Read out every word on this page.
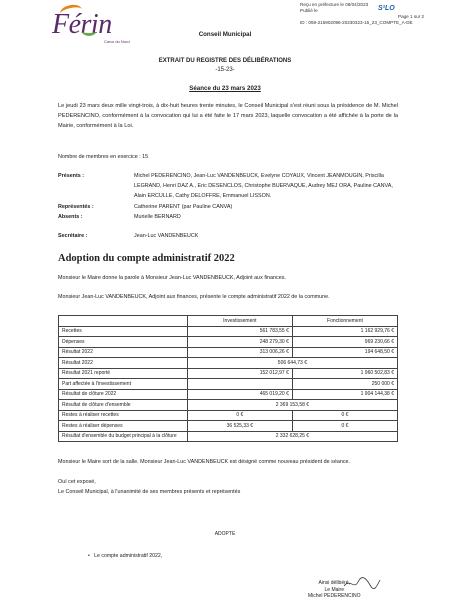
Férin
Cœur du Nord
Reçu en préfecture le 06/04/2023
Publié le
Page 1 sur 2
ID : 059-215902096-20230323-15_23_COMPTE_A-DE
S²LO
Conseil Municipal
EXTRAIT DU REGISTRE DES DÉLIBÉRATIONS
-15-23-
Séance du 23 mars 2023
Le jeudi 23 mars deux mille vingt-trois, à dix-huit heures trente minutes, le Conseil Municipal s'est réuni sous la présidence de M. Michel PEDERENCINO, conformément à la convocation qui lui a été faite le 17 mars 2023, laquelle convocation a été affichée à la porte de la Mairie, conformément à la Loi.
Nombre de membres en exercice : 15
Présents :	Michel PEDERENCINO, Jean-Luc VANDENBEUCK, Evelyne COYAUX, Vincent JEANMOUGIN, Priscilla LEGRAND, Henri DAZ A., Eric DESENCLOS, Christophe BUERVAQUE, Audrey MEJ ORA, Pauline CANVA, Alain ERCULLE, Cathy DELOFFRE, Emmanuel LISSON.
Représentés :	Catherine PARENT (par Pauline CANVA)
Absents :	Murielle BERNARD
Secrétaire :	Jean-Luc VANDENBEUCK
Adoption du compte administratif 2022
Monsieur le Maire donne la parole à Monsieur Jean-Luc VANDENBEUCK, Adjoint aux finances.
Monsieur Jean-Luc VANDENBEUCK, Adjoint aux finances, présente le compte administratif 2022 de la commune.
	Investissement	Fonctionnement
Recettes	561 783,55 €	1 162 929,76 €
Dépenses	248 279,30 €	969 230,66 €
Résultat 2022	313 006,26 €	194 648,50 €
Résultat 2022	506 644,73 €	
Résultat 2021 reporté	152 012,97 €	1 960 502,83 €
Part affectée à l'investissement		250 000 €
Résultat de clôture 2022	465 019,20 €	1 904 144,38 €
Résultat de clôture d'ensemble	2 369 153,58 €	
Restes à réaliser recettes	0 €	0 €
Restes à réaliser dépenses	36 525,33 €	0 €
Résultat d'ensemble du budget principal à la clôture	2 332 628,25 €	
Monsieur le Maire sort de la salle. Monsieur Jean-Luc VANDENBEUCK est désigné comme nouveau président de séance.
Ouï cet exposé,
Le Conseil Municipal, à l'unanimité de ses membres présents et représentés
ADOPTE
•   Le compte administratif 2022,
Ainsi délibéré,
Le Maire
Michel PEDERENCINO
